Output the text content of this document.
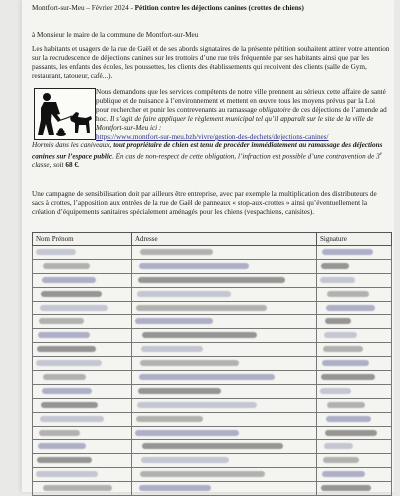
Montfort-sur-Meu – Février 2024 - Pétition contre les déjections canines (crottes de chiens)
à Monsieur le maire de la commune de Montfort-sur-Meu
Les habitants et usagers de la rue de Gaël et de ses abords signataires de la présente pétition souhaitent attirer votre attention sur la recrudescence de déjections canines sur les trottoirs d’une rue très fréquentée par ses habitants ainsi que par les passants, les enfants des écoles, les poussettes, les clients des établissements qui recoivent des clients (salle de Gym, restaurant, tatoueur, café...).
Nous demandons que les services compétents de notre ville prennent au sérieux cette affaire de santé publique et de nuisance à l’environnement et mettent en œuvre tous les moyens prévus par la Loi pour rechercher et punir les contrevenants au ramassage obligatoire de ces déjections de l’amende ad hoc. Il s’agit de faire appliquer le règlement municipal tel qu’il apparaît sur le site de la ville de Montfort-sur-Meu ici :
https://www.montfort-sur-meu.bzh/vivre/gestion-des-dechets/dejections-canines/
Hormis dans les caniveaux, tout propriétaire de chien est tenu de procéder immédiatement au ramassage des déjections canines sur l’espace public. En cas de non-respect de cette obligation, l’infraction est possible d’une contravention de 3e classe, soit 68 €.
Une campagne de sensibilisation doit par ailleurs être entreprise, avec par exemple la multiplication des distributeurs de sacs à crottes, l’apposition aux entrées de la rue de Gaël de panneaux « stop-aux-crottes » ainsi qu’éventuellement la création d’équipements sanitaires spécialement aménagés pour les chiens (vespachiens, canisites).
Nom Prénom	Adresse	Signature
